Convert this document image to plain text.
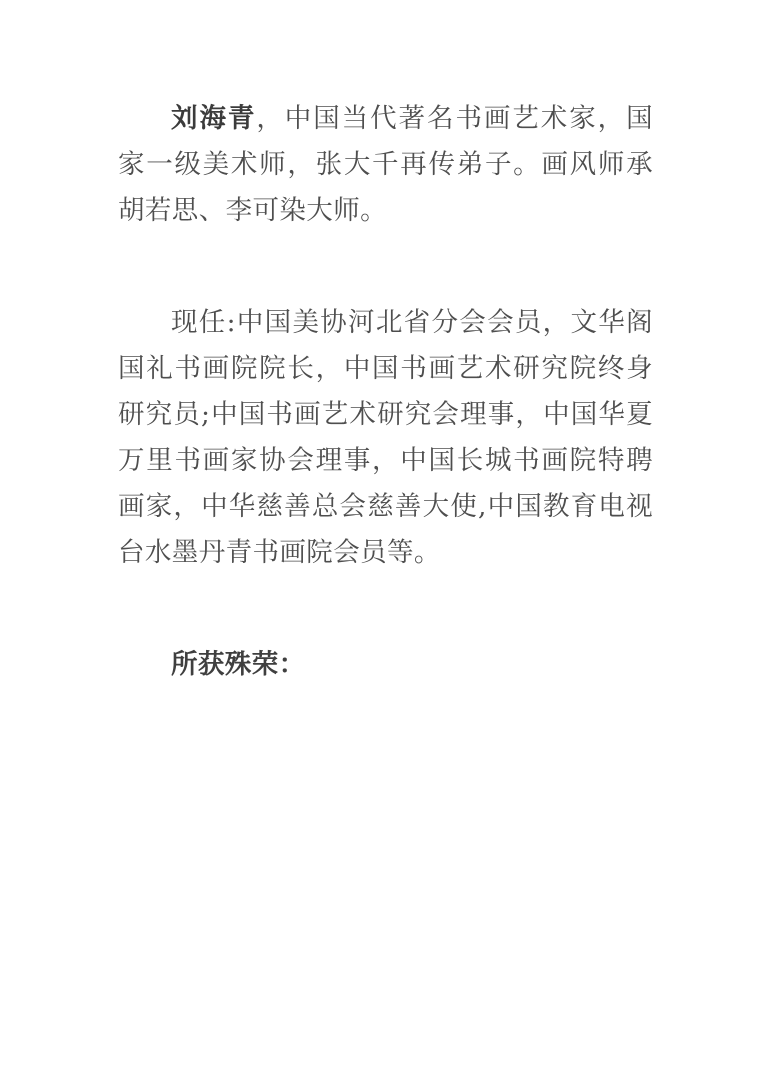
刘海青，中国当代著名书画艺术家，国家一级美术师，张大千再传弟子。画风师承胡若思、李可染大师。

现任:中国美协河北省分会会员，文华阁国礼书画院院长，中国书画艺术研究院终身研究员;中国书画艺术研究会理事，中国华夏万里书画家协会理事，中国长城书画院特聘画家，中华慈善总会慈善大使,中国教育电视台水墨丹青书画院会员等。

所获殊荣：
